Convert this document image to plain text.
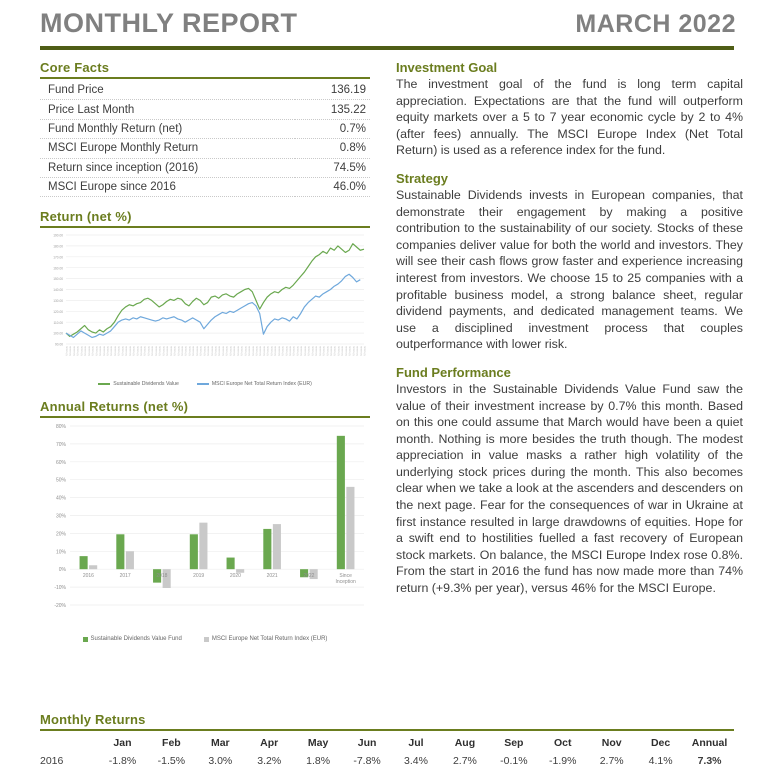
MONTHLY REPORT	MARCH 2022
Core Facts
Fund Price	136.19
Price Last Month	135.22
Fund Monthly Return (net)	0.7%
MSCI Europe Monthly Return	0.8%
Return since inception (2016)	74.5%
MSCI Europe since 2016	46.0%
Return (net %)
90.00
100.00
110.00
120.00
130.00
140.00
150.00
160.00
170.00
180.00
190.00
mmm-yy mmm-yy mmm-yy mmm-yy mmm-yy mmm-yy mmm-yy mmm-yy mmm-yy mmm-yy mmm-yy mmm-yy mmm-yy mmm-yy mmm-yy mmm-yy mmm-yy mmm-yy mmm-yy mmm-yy mmm-yy mmm-yy mmm-yy mmm-yy mmm-yy mmm-yy mmm-yy mmm-yy mmm-yy mmm-yy mmm-yy mmm-yy mmm-yy mmm-yy mmm-yy mmm-yy mmm-yy mmm-yy mmm-yy mmm-yy mmm-yy mmm-yy mmm-yy mmm-yy mmm-yy mmm-yy mmm-yy mmm-yy mmm-yy mmm-yy mmm-yy mmm-yy mmm-yy mmm-yy mmm-yy mmm-yy mmm-yy mmm-yy mmm-yy mmm-yy mmm-yy mmm-yy mmm-yy mmm-yy mmm-yy mmm-yy mmm-yy mmm-yy mmm-yy mmm-yy mmm-yy mmm-yy mmm-yy mmm-yy mmm-yy mmm-yy mmm-yy mmm-yy mmm-yy mmm-yy mmm-yy
Sustainable Dividends Value	MSCI Europe Net Total Return Index (EUR)
Annual Returns (net %)
-20%
-10%
0%
10%
20%
30%
40%
50%
60%
70%
80%
2016	2017	2018	2019	2020	2021	2022	Since
Inception
Sustainable Dividends Value Fund	MSCI Europe Net Total Return Index (EUR)
Investment Goal

The investment goal of the fund is long term capital appreciation. Expectations are that the fund will outperform equity markets over a 5 to 7 year economic cycle by 2 to 4% (after fees) annually. The MSCI Europe Index (Net Total Return) is used as a reference index for the fund.

Strategy

Sustainable Dividends invests in European companies, that demonstrate their engagement by making a positive contribution to the sustainability of our society. Stocks of these companies deliver value for both the world and investors. They will see their cash flows grow faster and experience increasing interest from investors. We choose 15 to 25 companies with a profitable business model, a strong balance sheet, regular dividend payments, and dedicated management teams. We use a disciplined investment process that couples outperformance with lower risk.

Fund Performance

Investors in the Sustainable Dividends Value Fund saw the value of their investment increase by 0.7% this month. Based on this one could assume that March would have been a quiet month. Nothing is more besides the truth though. The modest appreciation in value masks a rather high volatility of the underlying stock prices during the month. This also becomes clear when we take a look at the ascenders and descenders on the next page. Fear for the consequences of war in Ukraine at first instance resulted in large drawdowns of equities. Hope for a swift end to hostilities fuelled a fast recovery of European stock markets. On balance, the MSCI Europe Index rose 0.8%. From the start in 2016 the fund has now made more than 74% return (+9.3% per year), versus 46% for the MSCI Europe.

Monthly Returns
	Jan	Feb	Mar	Apr	May	Jun	Jul	Aug	Sep	Oct	Nov	Dec	Annual
2016	-1.8%	-1.5%	3.0%	3.2%	1.8%	-7.8%	3.4%	2.7%	-0.1%	-1.9%	2.7%	4.1%	7.3%
